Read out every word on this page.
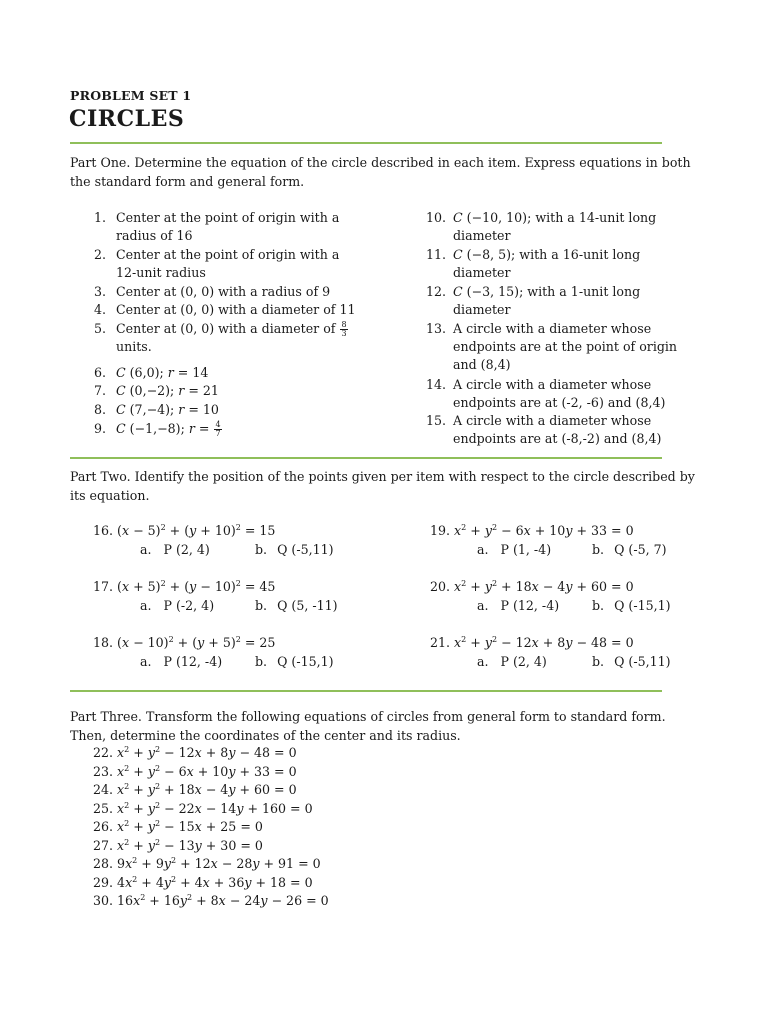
PROBLEM SET 1
CIRCLES
Part One. Determine the equation of the circle described in each item. Express equations in both the standard form and general form.
1. Center at the point of origin with a
radius of 16
2. Center at the point of origin with a
12-unit radius
3. Center at (0, 0) with a radius of 9
4. Center at (0, 0) with a diameter of 11
5. Center at (0, 0) with a diameter of $\frac{8}{3}$
units.
6. C (6,0); r = 14
7. C (0,−2); r = 21
8. C (7,−4); r = 10
9. C (−1,−8); $r = \frac{4}{7}$
10. C (−10, 10); with a 14-unit long
diameter
11. C (−8, 5); with a 16-unit long
diameter
12. C (−3, 15); with a 1-unit long
diameter
13. A circle with a diameter whose
endpoints are at the point of origin
and (8,4)
14. A circle with a diameter whose
endpoints are at (-2, -6) and (8,4)
15. A circle with a diameter whose
endpoints are at (-8,-2) and (8,4)
Part Two. Identify the position of the points given per item with respect to the circle described by its equation.
16. $(x - 5)^2 + (y + 10)^2 = 15$
a. P (2, 4)	b. Q (-5,11)
17. $(x + 5)^2 + (y - 10)^2 = 45$
a. P (-2, 4)	b. Q (5, -11)
18. $(x - 10)^2 + (y + 5)^2 = 25$
a. P (12, -4)	b. Q (-15,1)
19. $x^2 + y^2 - 6x + 10y + 33 = 0$
a. P (1, -4)	b. Q (-5, 7)
20. $x^2 + y^2 + 18x - 4y + 60 = 0$
a. P (12, -4)	b. Q (-15,1)
21. $x^2 + y^2 - 12x + 8y - 48 = 0$
a. P (2, 4)	b. Q (-5,11)
Part Three. Transform the following equations of circles from general form to standard form. Then, determine the coordinates of the center and its radius.
22. $x^2 + y^2 - 12x + 8y - 48 = 0$
23. $x^2 + y^2 - 6x + 10y + 33 = 0$
24. $x^2 + y^2 + 18x - 4y + 60 = 0$
25. $x^2 + y^2 - 22x - 14y + 160 = 0$
26. $x^2 + y^2 - 15x + 25 = 0$
27. $x^2 + y^2 - 13y + 30 = 0$
28. $9x^2 + 9y^2 + 12x - 28y + 91 = 0$
29. $4x^2 + 4y^2 + 4x + 36y + 18 = 0$
30. $16x^2 + 16y^2 + 8x - 24y - 26 = 0$
